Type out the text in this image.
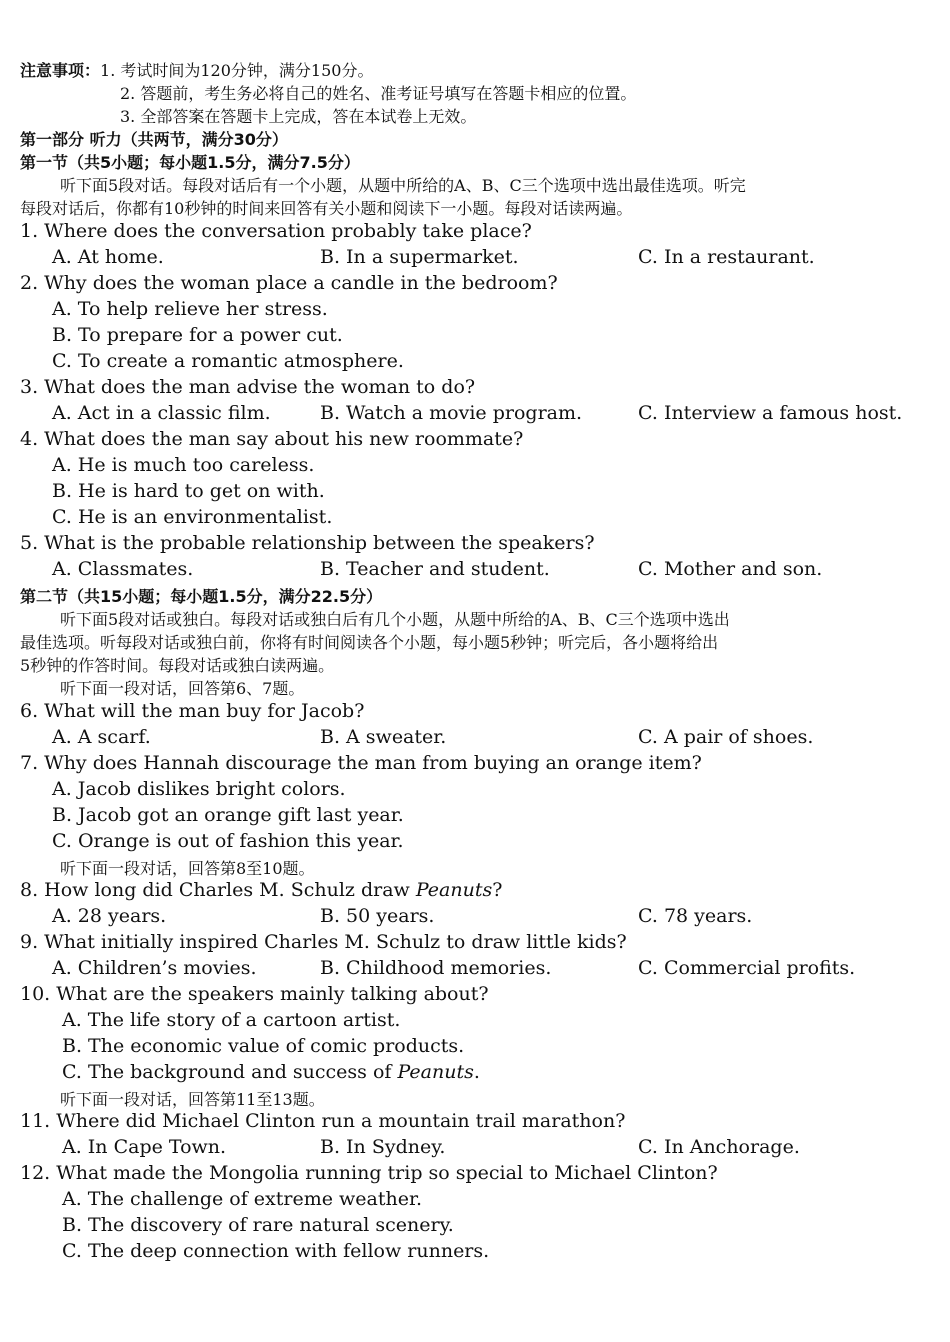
注意事项：1. 考试时间为120分钟，满分150分。
2. 答题前，考生务必将自己的姓名、准考证号填写在答题卡相应的位置。
3. 全部答案在答题卡上完成，答在本试卷上无效。
第一部分 听力（共两节，满分30分）
第一节（共5小题；每小题1.5分，满分7.5分）
听下面5段对话。每段对话后有一个小题，从题中所给的A、B、C三个选项中选出最佳选项。听完
每段对话后，你都有10秒钟的时间来回答有关小题和阅读下一小题。每段对话读两遍。
1. Where does the conversation probably take place?
A. At home.	B. In a supermarket.	C. In a restaurant.
2. Why does the woman place a candle in the bedroom?
A. To help relieve her stress.
B. To prepare for a power cut.
C. To create a romantic atmosphere.
3. What does the man advise the woman to do?
A. Act in a classic film.	B. Watch a movie program.	C. Interview a famous host.
4. What does the man say about his new roommate?
A. He is much too careless.
B. He is hard to get on with.
C. He is an environmentalist.
5. What is the probable relationship between the speakers?
A. Classmates.	B. Teacher and student.	C. Mother and son.
第二节（共15小题；每小题1.5分，满分22.5分）
听下面5段对话或独白。每段对话或独白后有几个小题，从题中所给的A、B、C三个选项中选出
最佳选项。听每段对话或独白前，你将有时间阅读各个小题，每小题5秒钟；听完后，各小题将给出
5秒钟的作答时间。每段对话或独白读两遍。
听下面一段对话，回答第6、7题。
6. What will the man buy for Jacob?
A. A scarf.	B. A sweater.	C. A pair of shoes.
7. Why does Hannah discourage the man from buying an orange item?
A. Jacob dislikes bright colors.
B. Jacob got an orange gift last year.
C. Orange is out of fashion this year.
听下面一段对话，回答第8至10题。
8. How long did Charles M. Schulz draw Peanuts?
A. 28 years.	B. 50 years.	C. 78 years.
9. What initially inspired Charles M. Schulz to draw little kids?
A. Children’s movies.	B. Childhood memories.	C. Commercial profits.
10. What are the speakers mainly talking about?
A. The life story of a cartoon artist.
B. The economic value of comic products.
C. The background and success of Peanuts.
听下面一段对话，回答第11至13题。
11. Where did Michael Clinton run a mountain trail marathon?
A. In Cape Town.	B. In Sydney.	C. In Anchorage.
12. What made the Mongolia running trip so special to Michael Clinton?
A. The challenge of extreme weather.
B. The discovery of rare natural scenery.
C. The deep connection with fellow runners.
